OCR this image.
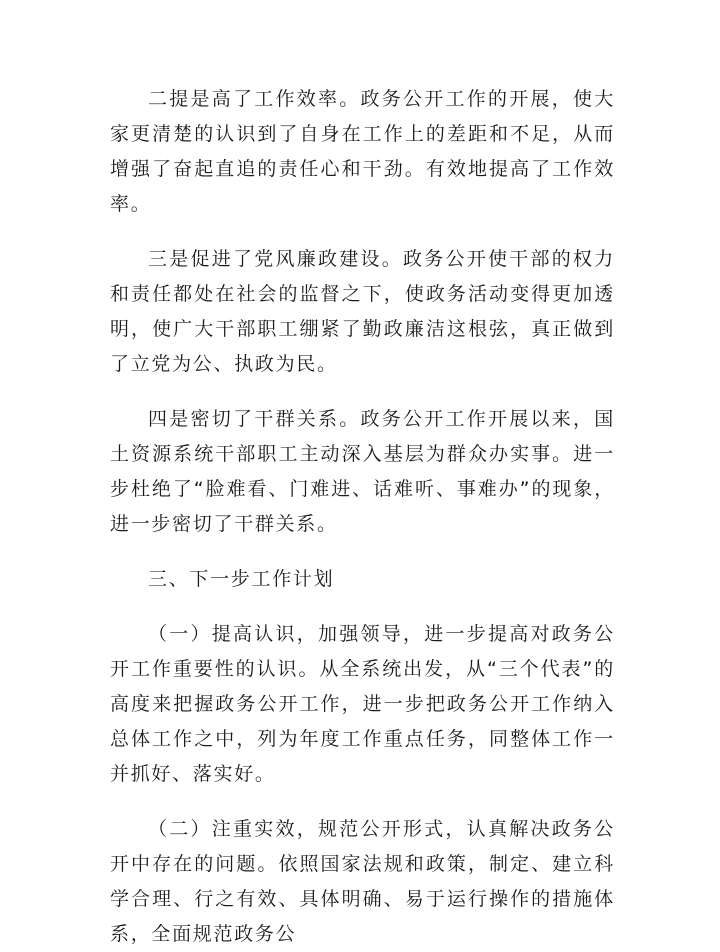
二提是高了工作效率。政务公开工作的开展，使大家更清楚的认识到了自身在工作上的差距和不足，从而增强了奋起直追的责任心和干劲。有效地提高了工作效率。

三是促进了党风廉政建设。政务公开使干部的权力和责任都处在社会的监督之下，使政务活动变得更加透明，使广大干部职工绷紧了勤政廉洁这根弦，真正做到了立党为公、执政为民。

四是密切了干群关系。政务公开工作开展以来，国土资源系统干部职工主动深入基层为群众办实事。进一步杜绝了“脸难看、门难进、话难听、事难办”的现象，进一步密切了干群关系。

三、下一步工作计划

（一）提高认识，加强领导，进一步提高对政务公开工作重要性的认识。从全系统出发，从“三个代表”的高度来把握政务公开工作，进一步把政务公开工作纳入总体工作之中，列为年度工作重点任务，同整体工作一并抓好、落实好。

（二）注重实效，规范公开形式，认真解决政务公开中存在的问题。依照国家法规和政策，制定、建立科学合理、行之有效、具体明确、易于运行操作的措施体系，全面规范政务公
